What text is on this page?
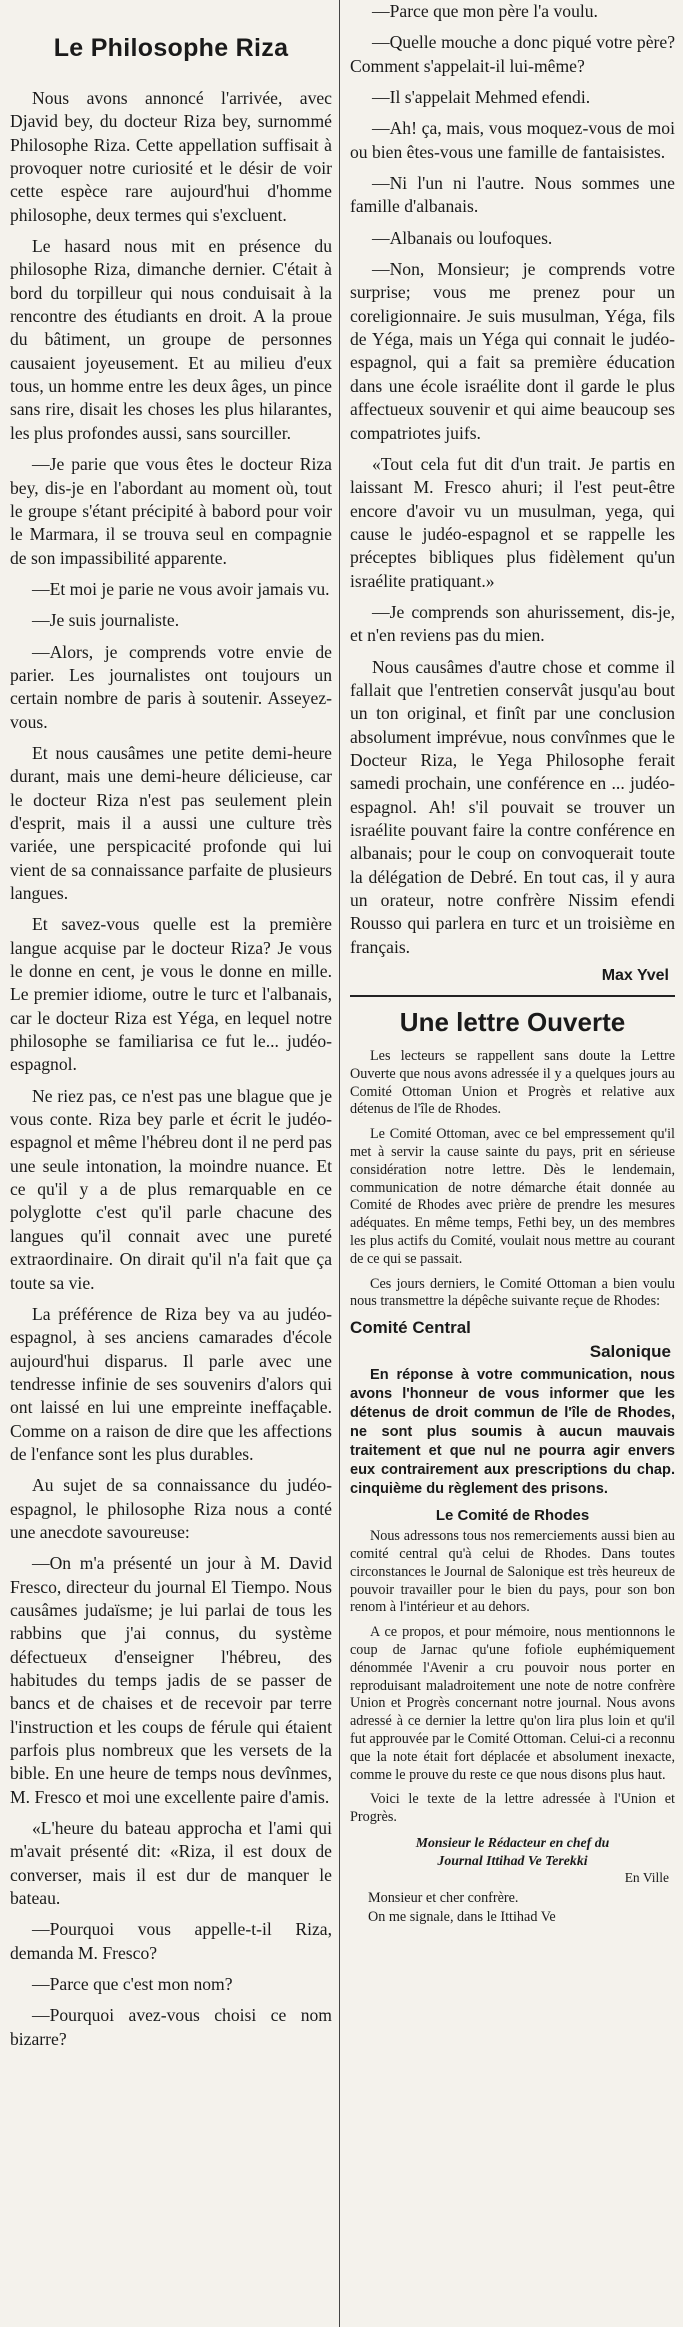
Le Philosophe Riza

Nous avons annoncé l'arrivée, avec Djavid bey, du docteur Riza bey, surnommé Philosophe Riza. Cette appellation suffisait à provoquer notre curiosité et le désir de voir cette espèce rare aujourd'hui d'homme philosophe, deux termes qui s'excluent.

Le hasard nous mit en présence du philosophe Riza, dimanche dernier. C'était à bord du torpilleur qui nous conduisait à la rencontre des étudiants en droit. A la proue du bâtiment, un groupe de personnes causaient joyeusement. Et au milieu d'eux tous, un homme entre les deux âges, un pince sans rire, disait les choses les plus hilarantes, les plus profondes aussi, sans sourciller.

—Je parie que vous êtes le docteur Riza bey, dis-je en l'abordant au moment où, tout le groupe s'étant précipité à babord pour voir le Marmara, il se trouva seul en compagnie de son impassibilité apparente.

—Et moi je parie ne vous avoir jamais vu.

—Je suis journaliste.

—Alors, je comprends votre envie de parier. Les journalistes ont toujours un certain nombre de paris à soutenir. Asseyez-vous.

Et nous causâmes une petite demi-heure durant, mais une demi-heure délicieuse, car le docteur Riza n'est pas seulement plein d'esprit, mais il a aussi une culture très variée, une perspicacité profonde qui lui vient de sa connaissance parfaite de plusieurs langues.

Et savez-vous quelle est la première langue acquise par le docteur Riza? Je vous le donne en cent, je vous le donne en mille. Le premier idiome, outre le turc et l'albanais, car le docteur Riza est Yéga, en lequel notre philosophe se familiarisa ce fut le... judéo-espagnol.

Ne riez pas, ce n'est pas une blague que je vous conte. Riza bey parle et écrit le judéo-espagnol et même l'hébreu dont il ne perd pas une seule intonation, la moindre nuance. Et ce qu'il y a de plus remarquable en ce polyglotte c'est qu'il parle chacune des langues qu'il connait avec une pureté extraordinaire. On dirait qu'il n'a fait que ça toute sa vie.

La préférence de Riza bey va au judéo-espagnol, à ses anciens camarades d'école aujourd'hui disparus. Il parle avec une tendresse infinie de ses souvenirs d'alors qui ont laissé en lui une empreinte ineffaçable. Comme on a raison de dire que les affections de l'enfance sont les plus durables.

Au sujet de sa connaissance du judéo-espagnol, le philosophe Riza nous a conté une anecdote savoureuse:

—On m'a présenté un jour à M. David Fresco, directeur du journal El Tiempo. Nous causâmes judaïsme; je lui parlai de tous les rabbins que j'ai connus, du système défectueux d'enseigner l'hébreu, des habitudes du temps jadis de se passer de bancs et de chaises et de recevoir par terre l'instruction et les coups de férule qui étaient parfois plus nombreux que les versets de la bible. En une heure de temps nous devînmes, M. Fresco et moi une excellente paire d'amis.

«L'heure du bateau approcha et l'ami qui m'avait présenté dit: «Riza, il est doux de converser, mais il est dur de manquer le bateau.

—Pourquoi vous appelle-t-il Riza, demanda M. Fresco?

—Parce que c'est mon nom?

—Pourquoi avez-vous choisi ce nom bizarre?

—Parce que mon père l'a voulu.

—Quelle mouche a donc piqué votre père? Comment s'appelait-il lui-même?

—Il s'appelait Mehmed efendi.

—Ah! ça, mais, vous moquez-vous de moi ou bien êtes-vous une famille de fantaisistes.

—Ni l'un ni l'autre. Nous sommes une famille d'albanais.

—Albanais ou loufoques.

—Non, Monsieur; je comprends votre surprise; vous me prenez pour un coreligionnaire. Je suis musulman, Yéga, fils de Yéga, mais un Yéga qui connait le judéo-espagnol, qui a fait sa première éducation dans une école israélite dont il garde le plus affectueux souvenir et qui aime beaucoup ses compatriotes juifs.

«Tout cela fut dit d'un trait. Je partis en laissant M. Fresco ahuri; il l'est peut-être encore d'avoir vu un musulman, yega, qui cause le judéo-espagnol et se rappelle les préceptes bibliques plus fidèlement qu'un israélite pratiquant.»

—Je comprends son ahurissement, dis-je, et n'en reviens pas du mien.

Nous causâmes d'autre chose et comme il fallait que l'entretien conservât jusqu'au bout un ton original, et finît par une conclusion absolument imprévue, nous convînmes que le Docteur Riza, le Yega Philosophe ferait samedi prochain, une conférence en ... judéo-espagnol. Ah! s'il pouvait se trouver un israélite pouvant faire la contre conférence en albanais; pour le coup on convoquerait toute la délégation de Debré. En tout cas, il y aura un orateur, notre confrère Nissim efendi Rousso qui parlera en turc et un troisième en français.

Max Yvel
Une lettre Ouverte

Les lecteurs se rappellent sans doute la Lettre Ouverte que nous avons adressée il y a quelques jours au Comité Ottoman Union et Progrès et relative aux détenus de l'île de Rhodes.

Le Comité Ottoman, avec ce bel empressement qu'il met à servir la cause sainte du pays, prit en sérieuse considération notre lettre. Dès le lendemain, communication de notre démarche était donnée au Comité de Rhodes avec prière de prendre les mesures adéquates. En même temps, Fethi bey, un des membres les plus actifs du Comité, voulait nous mettre au courant de ce qui se passait.

Ces jours derniers, le Comité Ottoman a bien voulu nous transmettre la dépêche suivante reçue de Rhodes:

Comité Central
Salonique

En réponse à votre communication, nous avons l'honneur de vous informer que les détenus de droit commun de l'île de Rhodes, ne sont plus soumis à aucun mauvais traitement et que nul ne pourra agir envers eux contrairement aux prescriptions du chap. cinquième du règlement des prisons.

Le Comité de Rhodes

Nous adressons tous nos remerciements aussi bien au comité central qu'à celui de Rhodes. Dans toutes circonstances le Journal de Salonique est très heureux de pouvoir travailler pour le bien du pays, pour son bon renom à l'intérieur et au dehors.

A ce propos, et pour mémoire, nous mentionnons le coup de Jarnac qu'une fofiole euphémiquement dénommée l'Avenir a cru pouvoir nous porter en reproduisant maladroitement une note de notre confrère Union et Progrès concernant notre journal. Nous avons adressé à ce dernier la lettre qu'on lira plus loin et qu'il fut approuvée par le Comité Ottoman. Celui-ci a reconnu que la note était fort déplacée et absolument inexacte, comme le prouve du reste ce que nous disons plus haut.

Voici le texte de la lettre adressée à l'Union et Progrès.

Monsieur le Rédacteur en chef du

Journal Ittihad Ve Terekki

En Ville

Monsieur et cher confrère.

On me signale, dans le Ittihad Ve
